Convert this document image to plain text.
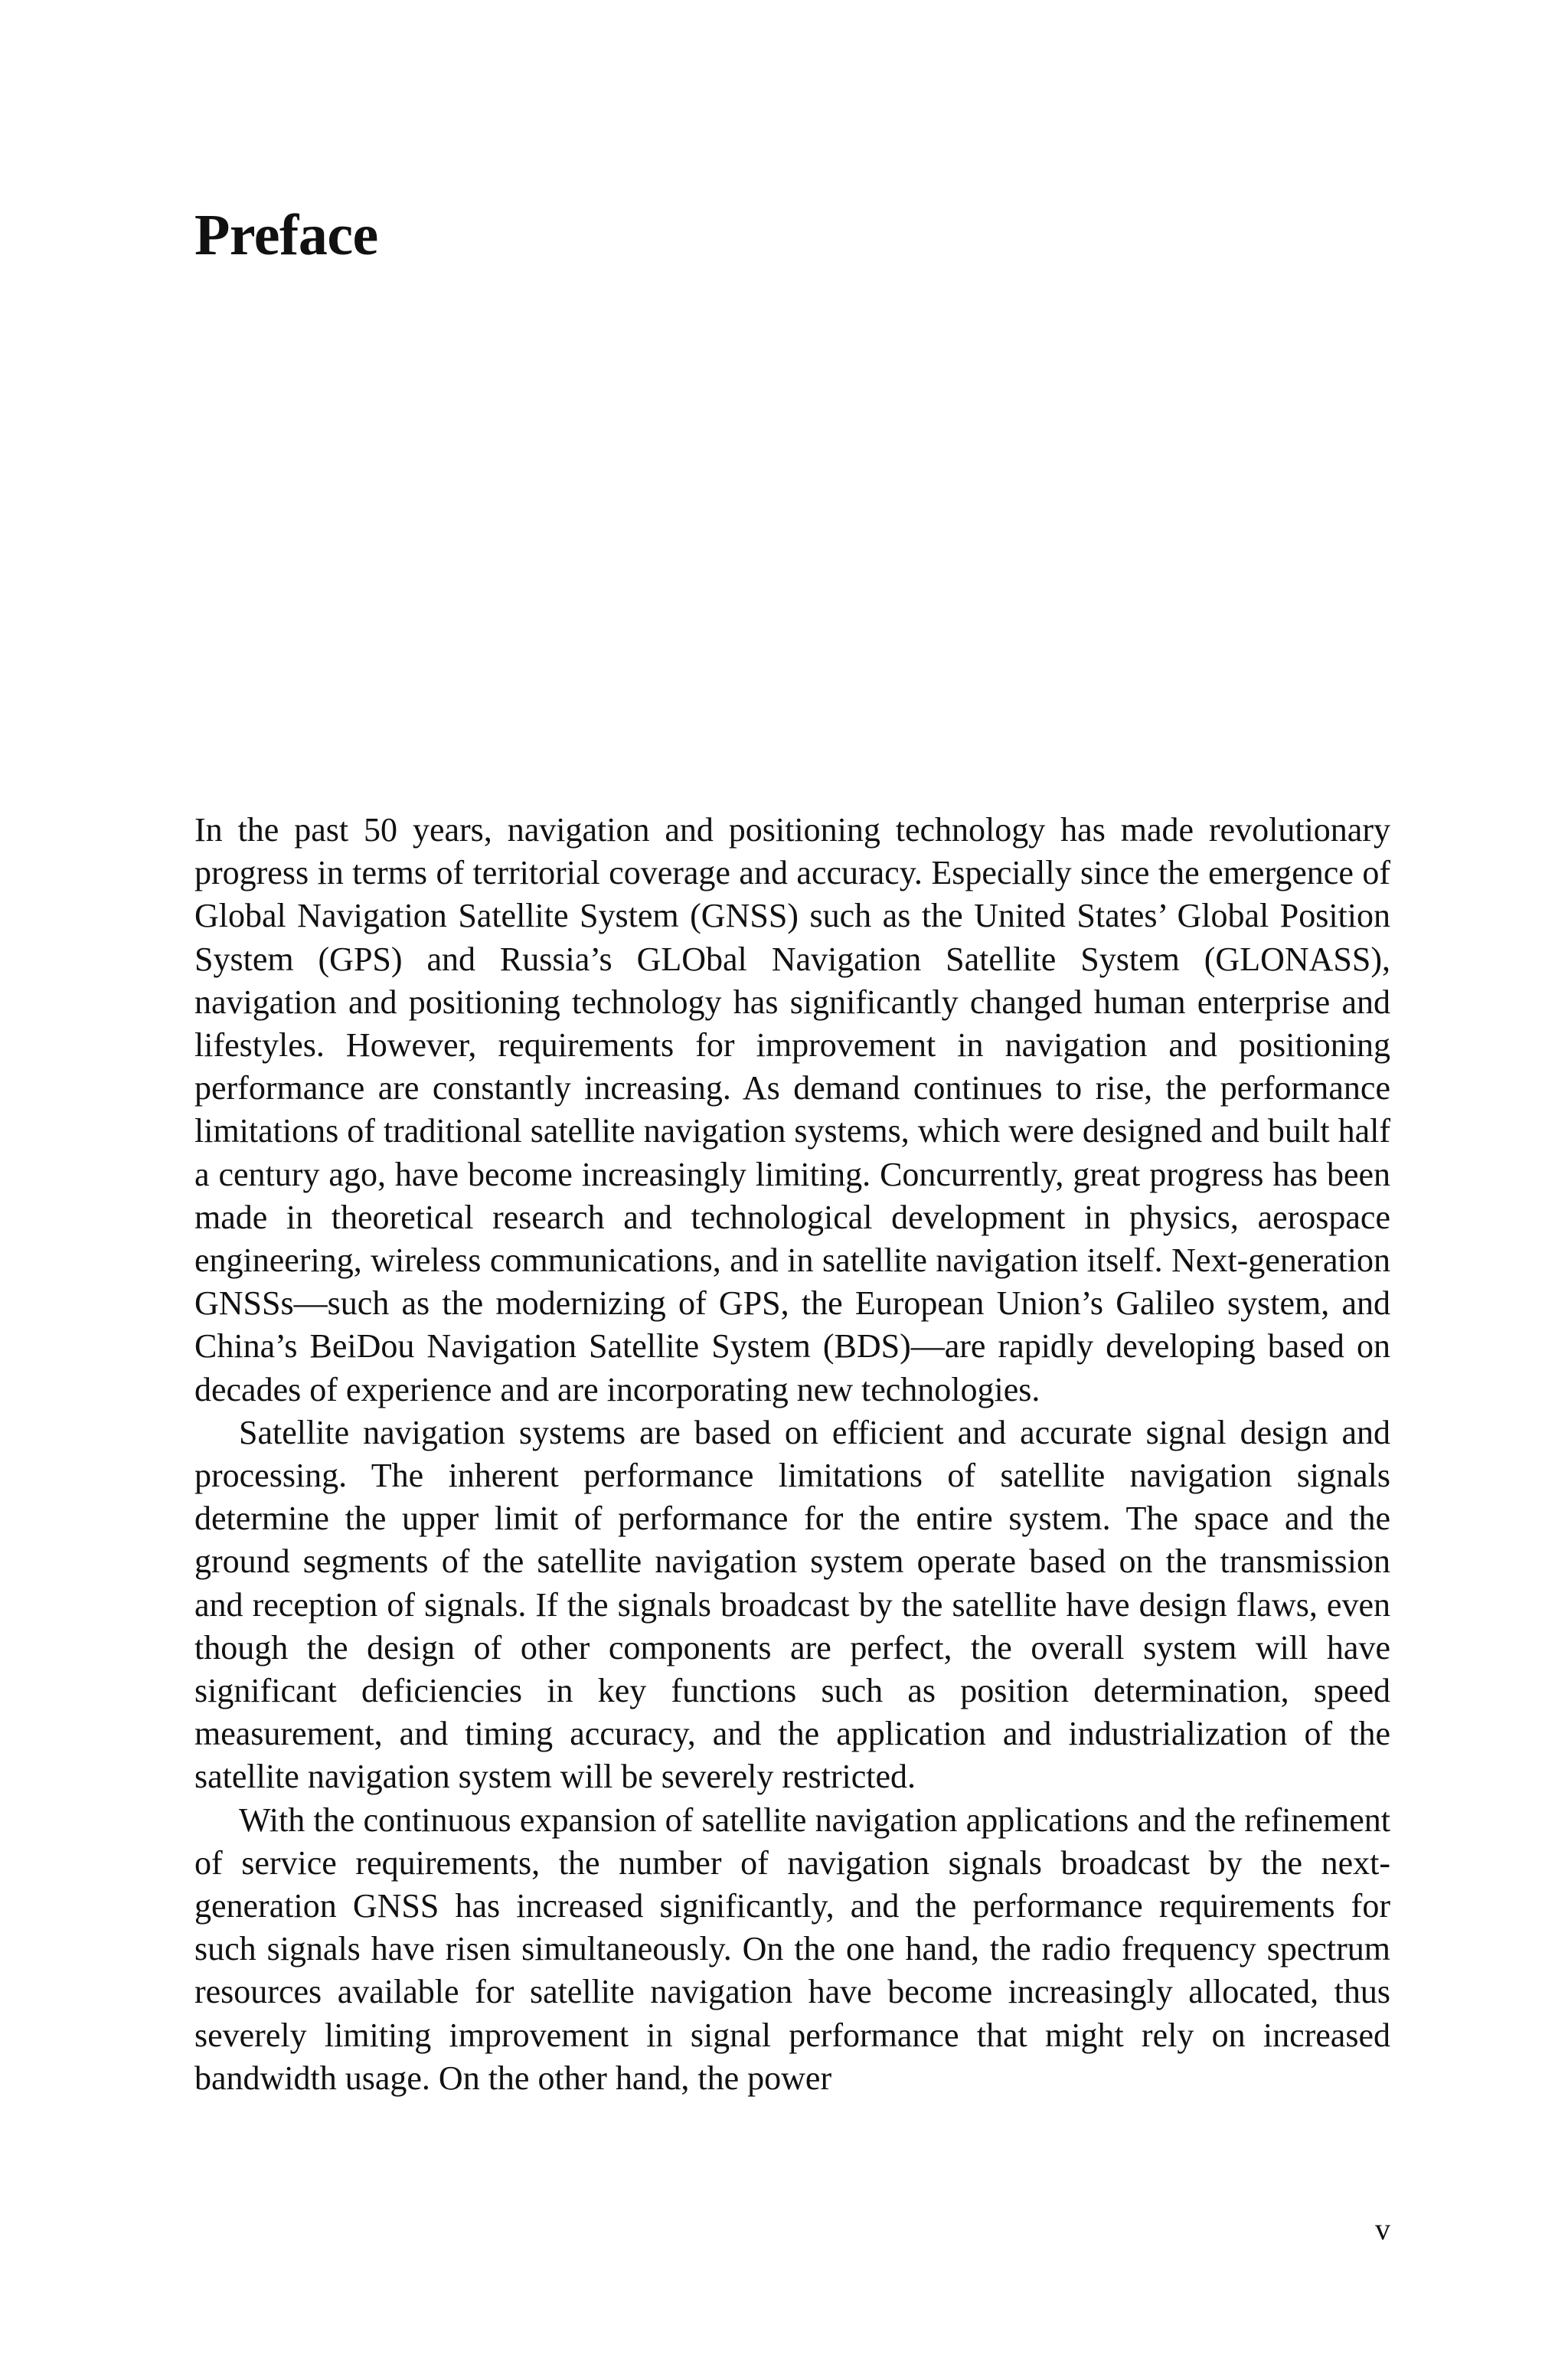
Preface

In the past 50 years, navigation and positioning technology has made revolutionary progress in terms of territorial coverage and accuracy. Especially since the emergence of Global Navigation Satellite System (GNSS) such as the United States’ Global Position System (GPS) and Russia’s GLObal Navigation Satellite System (GLONASS), navigation and positioning technology has significantly changed human enterprise and lifestyles. However, requirements for improvement in navigation and positioning performance are constantly increasing. As demand continues to rise, the performance limitations of traditional satellite navigation systems, which were designed and built half a century ago, have become increasingly limiting. Concurrently, great progress has been made in theoretical research and technological development in physics, aerospace engineering, wireless communications, and in satellite navigation itself. Next-generation GNSSs—such as the modernizing of GPS, the European Union’s Galileo system, and China’s BeiDou Navigation Satellite System (BDS)—are rapidly developing based on decades of experience and are incorporating new technologies.

Satellite navigation systems are based on efficient and accurate signal design and processing. The inherent performance limitations of satellite navigation signals determine the upper limit of performance for the entire system. The space and the ground segments of the satellite navigation system operate based on the transmission and reception of signals. If the signals broadcast by the satellite have design flaws, even though the design of other components are perfect, the overall system will have significant deficiencies in key functions such as position determination, speed measurement, and timing accuracy, and the application and industrialization of the satellite navigation system will be severely restricted.

With the continuous expansion of satellite navigation applications and the refinement of service requirements, the number of navigation signals broadcast by the next-generation GNSS has increased significantly, and the performance requirements for such signals have risen simultaneously. On the one hand, the radio frequency spectrum resources available for satellite navigation have become increasingly allocated, thus severely limiting improvement in signal performance that might rely on increased bandwidth usage. On the other hand, the power

v
